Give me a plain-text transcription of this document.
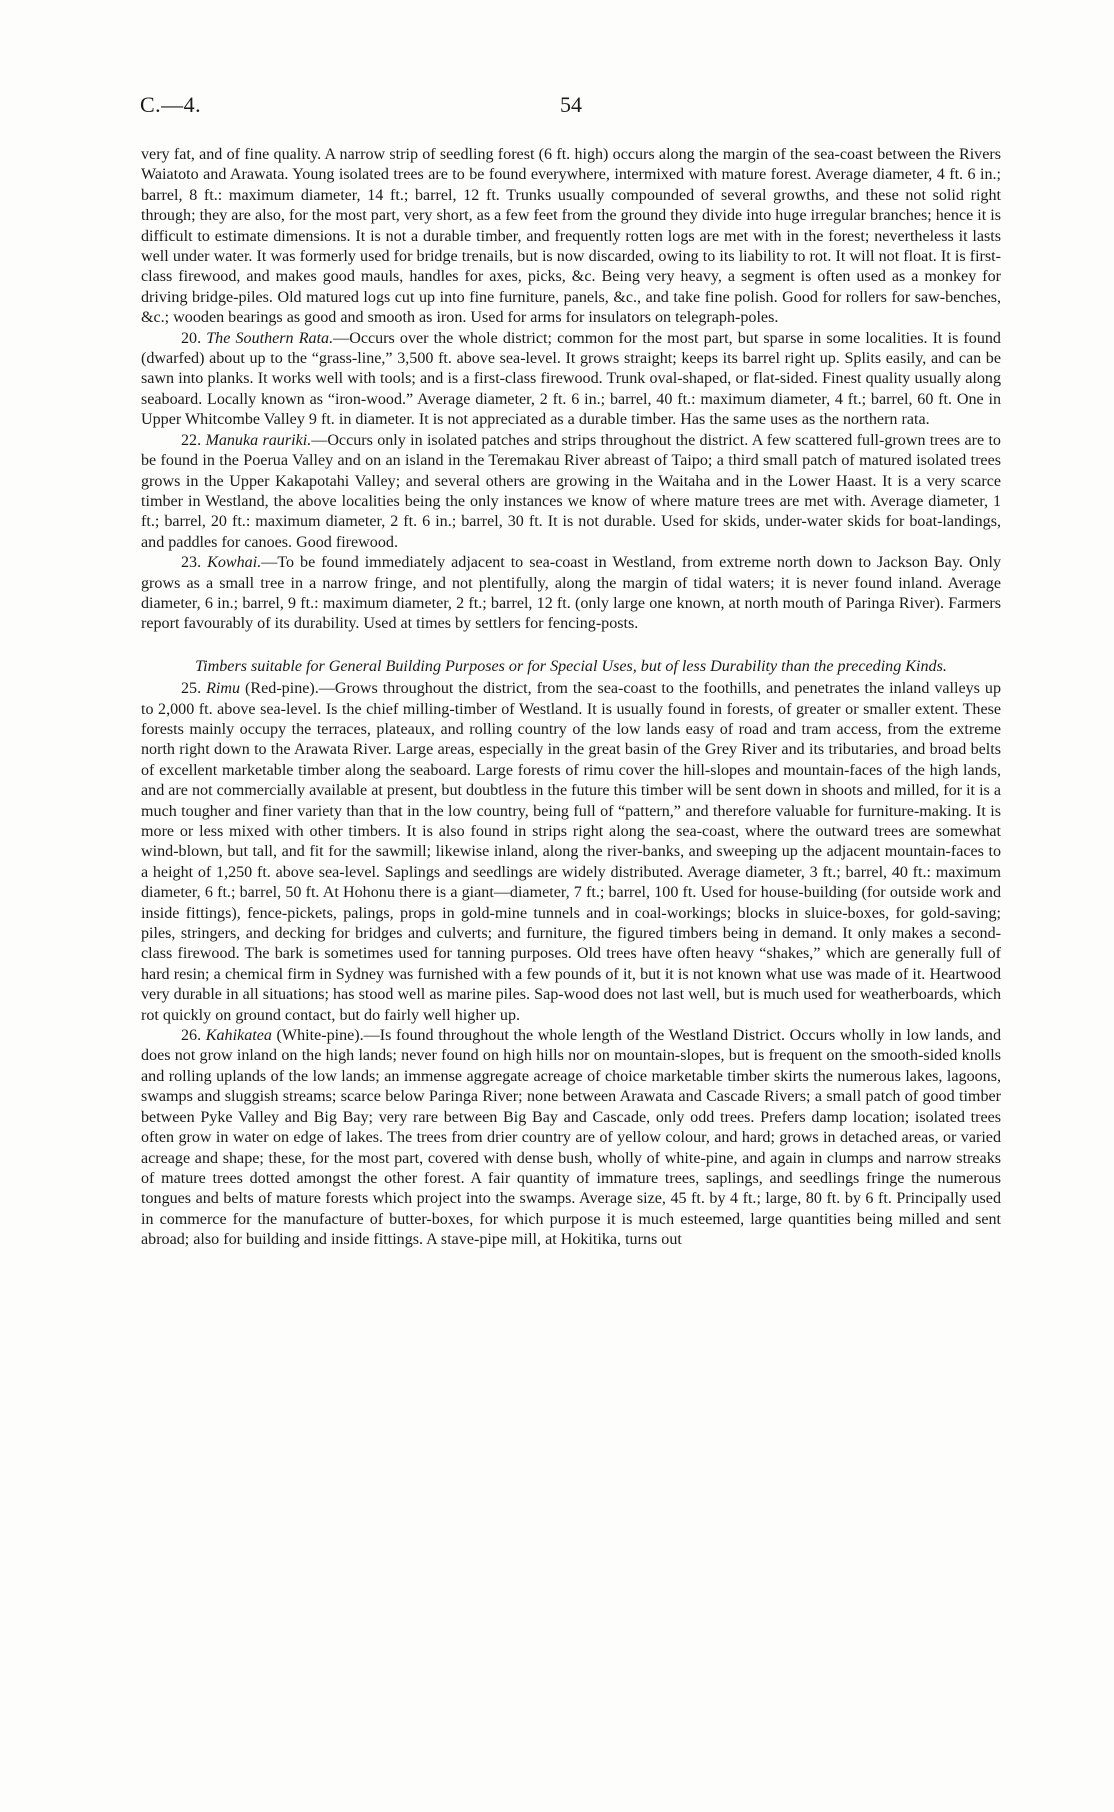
C.—4.	54

very fat, and of fine quality. A narrow strip of seedling forest (6 ft. high) occurs along the margin of the sea-coast between the Rivers Waiatoto and Arawata. Young isolated trees are to be found everywhere, intermixed with mature forest. Average diameter, 4 ft. 6 in.; barrel, 8 ft.: maximum diameter, 14 ft.; barrel, 12 ft. Trunks usually compounded of several growths, and these not solid right through; they are also, for the most part, very short, as a few feet from the ground they divide into huge irregular branches; hence it is difficult to estimate dimensions. It is not a durable timber, and frequently rotten logs are met with in the forest; nevertheless it lasts well under water. It was formerly used for bridge trenails, but is now discarded, owing to its liability to rot. It will not float. It is first-class firewood, and makes good mauls, handles for axes, picks, &c. Being very heavy, a segment is often used as a monkey for driving bridge-piles. Old matured logs cut up into fine furniture, panels, &c., and take fine polish. Good for rollers for saw-benches, &c.; wooden bearings as good and smooth as iron. Used for arms for insulators on telegraph-poles.

20. The Southern Rata.—Occurs over the whole district; common for the most part, but sparse in some localities. It is found (dwarfed) about up to the “grass-line,” 3,500 ft. above sea-level. It grows straight; keeps its barrel right up. Splits easily, and can be sawn into planks. It works well with tools; and is a first-class firewood. Trunk oval-shaped, or flat-sided. Finest quality usually along seaboard. Locally known as “iron-wood.” Average diameter, 2 ft. 6 in.; barrel, 40 ft.: maximum diameter, 4 ft.; barrel, 60 ft. One in Upper Whitcombe Valley 9 ft. in diameter. It is not appreciated as a durable timber. Has the same uses as the northern rata.

22. Manuka rauriki.—Occurs only in isolated patches and strips throughout the district. A few scattered full-grown trees are to be found in the Poerua Valley and on an island in the Teremakau River abreast of Taipo; a third small patch of matured isolated trees grows in the Upper Kakapotahi Valley; and several others are growing in the Waitaha and in the Lower Haast. It is a very scarce timber in Westland, the above localities being the only instances we know of where mature trees are met with. Average diameter, 1 ft.; barrel, 20 ft.: maximum diameter, 2 ft. 6 in.; barrel, 30 ft. It is not durable. Used for skids, under-water skids for boat-landings, and paddles for canoes. Good firewood.

23. Kowhai.—To be found immediately adjacent to sea-coast in Westland, from extreme north down to Jackson Bay. Only grows as a small tree in a narrow fringe, and not plentifully, along the margin of tidal waters; it is never found inland. Average diameter, 6 in.; barrel, 9 ft.: maximum diameter, 2 ft.; barrel, 12 ft. (only large one known, at north mouth of Paringa River). Farmers report favourably of its durability. Used at times by settlers for fencing-posts.

Timbers suitable for General Building Purposes or for Special Uses, but of less Durability than the preceding Kinds.

25. Rimu (Red-pine).—Grows throughout the district, from the sea-coast to the foothills, and penetrates the inland valleys up to 2,000 ft. above sea-level. Is the chief milling-timber of Westland. It is usually found in forests, of greater or smaller extent. These forests mainly occupy the terraces, plateaux, and rolling country of the low lands easy of road and tram access, from the extreme north right down to the Arawata River. Large areas, especially in the great basin of the Grey River and its tributaries, and broad belts of excellent marketable timber along the seaboard. Large forests of rimu cover the hill-slopes and mountain-faces of the high lands, and are not commercially available at present, but doubtless in the future this timber will be sent down in shoots and milled, for it is a much tougher and finer variety than that in the low country, being full of “pattern,” and therefore valuable for furniture-making. It is more or less mixed with other timbers. It is also found in strips right along the sea-coast, where the outward trees are somewhat wind-blown, but tall, and fit for the sawmill; likewise inland, along the river-banks, and sweeping up the adjacent mountain-faces to a height of 1,250 ft. above sea-level. Saplings and seedlings are widely distributed. Average diameter, 3 ft.; barrel, 40 ft.: maximum diameter, 6 ft.; barrel, 50 ft. At Hohonu there is a giant—diameter, 7 ft.; barrel, 100 ft. Used for house-building (for outside work and inside fittings), fence-pickets, palings, props in gold-mine tunnels and in coal-workings; blocks in sluice-boxes, for gold-saving; piles, stringers, and decking for bridges and culverts; and furniture, the figured timbers being in demand. It only makes a second-class firewood. The bark is sometimes used for tanning purposes. Old trees have often heavy “shakes,” which are generally full of hard resin; a chemical firm in Sydney was furnished with a few pounds of it, but it is not known what use was made of it. Heartwood very durable in all situations; has stood well as marine piles. Sap-wood does not last well, but is much used for weatherboards, which rot quickly on ground contact, but do fairly well higher up.

26. Kahikatea (White-pine).—Is found throughout the whole length of the Westland District. Occurs wholly in low lands, and does not grow inland on the high lands; never found on high hills nor on mountain-slopes, but is frequent on the smooth-sided knolls and rolling uplands of the low lands; an immense aggregate acreage of choice marketable timber skirts the numerous lakes, lagoons, swamps and sluggish streams; scarce below Paringa River; none between Arawata and Cascade Rivers; a small patch of good timber between Pyke Valley and Big Bay; very rare between Big Bay and Cascade, only odd trees. Prefers damp location; isolated trees often grow in water on edge of lakes. The trees from drier country are of yellow colour, and hard; grows in detached areas, or varied acreage and shape; these, for the most part, covered with dense bush, wholly of white-pine, and again in clumps and narrow streaks of mature trees dotted amongst the other forest. A fair quantity of immature trees, saplings, and seedlings fringe the numerous tongues and belts of mature forests which project into the swamps. Average size, 45 ft. by 4 ft.; large, 80 ft. by 6 ft. Principally used in commerce for the manufacture of butter-boxes, for which purpose it is much esteemed, large quantities being milled and sent abroad; also for building and inside fittings. A stave-pipe mill, at Hokitika, turns out
